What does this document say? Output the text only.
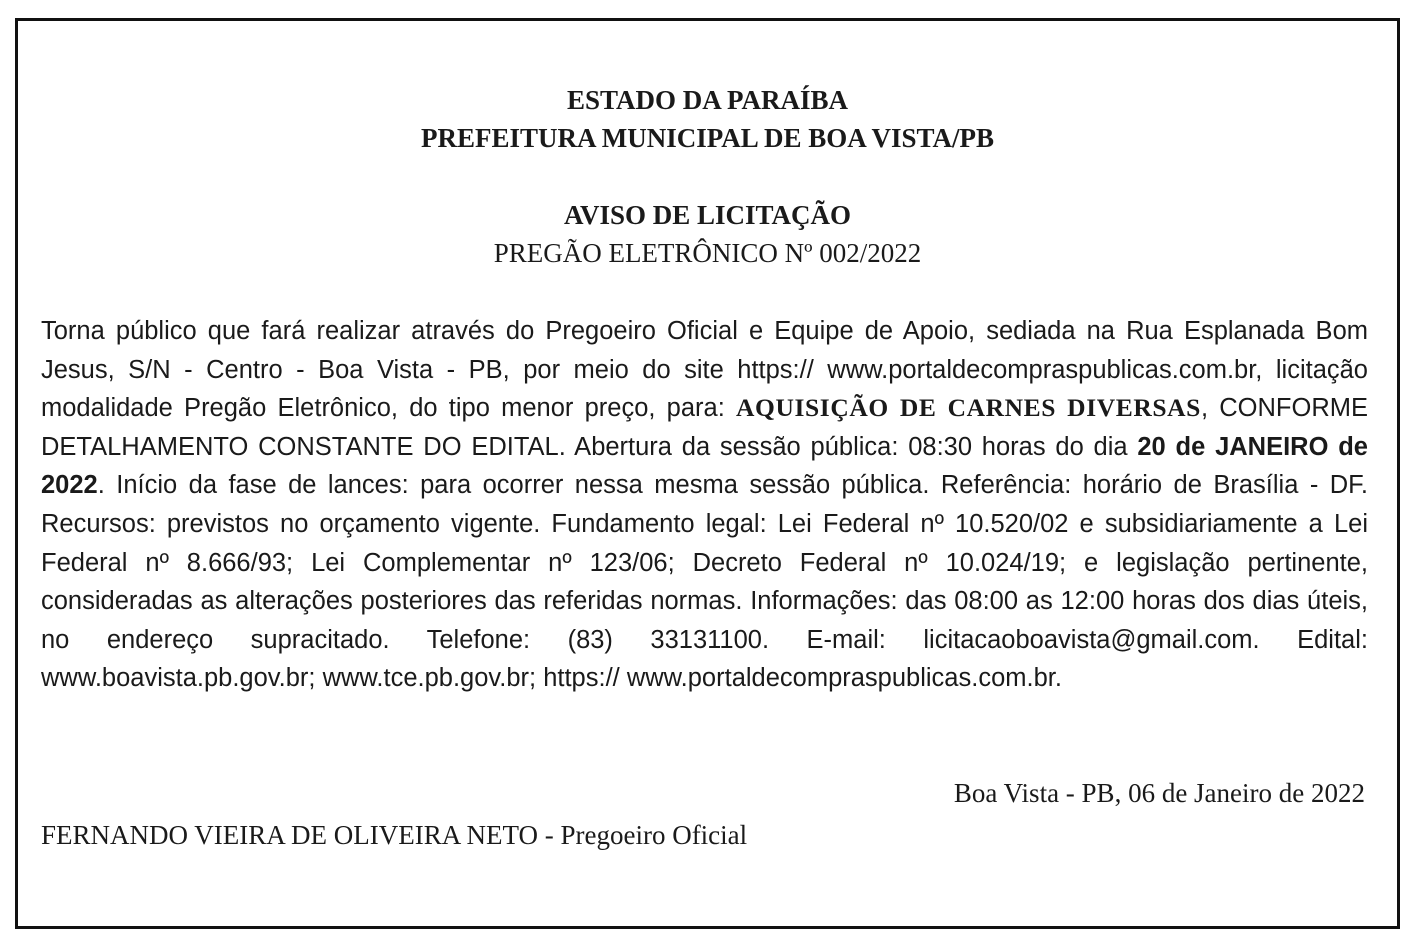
ESTADO DA PARAÍBA
PREFEITURA MUNICIPAL DE BOA VISTA/PB
AVISO DE LICITAÇÃO
PREGÃO ELETRÔNICO Nº 002/2022
Torna público que fará realizar através do Pregoeiro Oficial e Equipe de Apoio, sediada na Rua Esplanada Bom Jesus, S/N - Centro - Boa Vista - PB, por meio do site https:// www.portaldecompraspublicas.com.br, licitação modalidade Pregão Eletrônico, do tipo menor preço, para: AQUISIÇÃO DE CARNES DIVERSAS, CONFORME DETALHAMENTO CONSTANTE DO EDITAL. Abertura da sessão pública: 08:30 horas do dia 20 de JANEIRO de 2022. Início da fase de lances: para ocorrer nessa mesma sessão pública. Referência: horário de Brasília - DF. Recursos: previstos no orçamento vigente. Fundamento legal: Lei Federal nº 10.520/02 e subsidiariamente a Lei Federal nº 8.666/93; Lei Complementar nº 123/06; Decreto Federal nº 10.024/19; e legislação pertinente, consideradas as alterações posteriores das referidas normas. Informações: das 08:00 as 12:00 horas dos dias úteis, no endereço supracitado. Telefone: (83) 33131100. E-mail: licitacaoboavista@gmail.com. Edital: www.boavista.pb.gov.br; www.tce.pb.gov.br; https:// www.portaldecompraspublicas.com.br.
Boa Vista - PB, 06 de Janeiro de 2022
FERNANDO VIEIRA DE OLIVEIRA NETO - Pregoeiro Oficial
